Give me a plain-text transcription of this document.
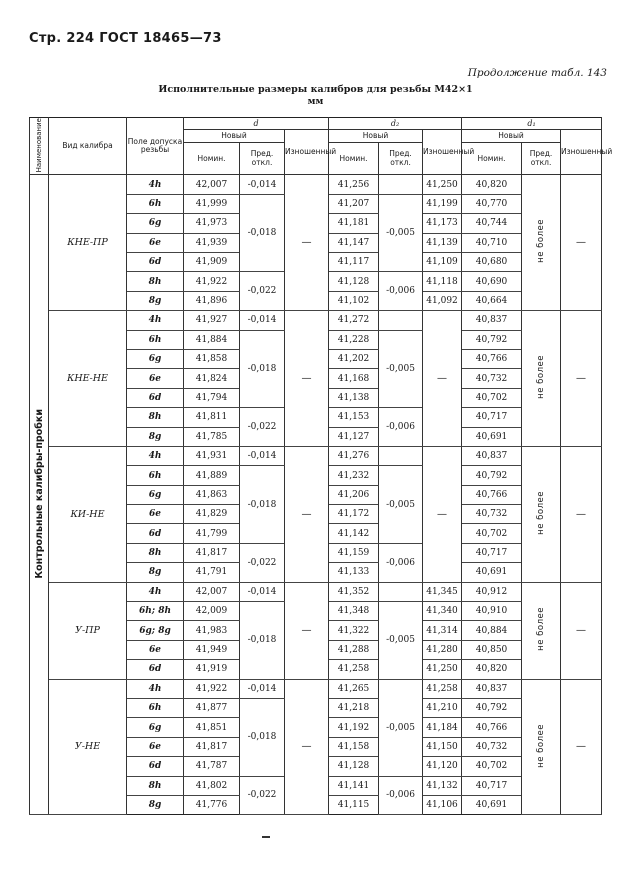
Стр. 224 ГОСТ 18465—73
Продолжение табл. 143
Исполнительные размеры калибров для резьбы М42×1
мм
Наименование	Вид калибра	Поле допуска резьбы	d			d₂			d₁		
			Новый		Изношенный	Новый		Изношенный	Новый		Изношенный
			Номин.	Пред. откл.		Номин.	Пред. откл.		Номин.	Пред. откл.	
Контрольные калибры-пробки	КНЕ-ПР	4h	42,007	-0,014	—	41,256		41,250	40,820	не более	—
		6h	41,999	-0,018		41,207	-0,005	41,199	40,770		
		6g	41,973			41,181		41,173	40,744		
		6e	41,939			41,147		41,139	40,710		
		6d	41,909			41,117		41,109	40,680		
		8h	41,922	-0,022		41,128	-0,006	41,118	40,690		
		8g	41,896			41,102		41,092	40,664		
	КНЕ-НЕ	4h	41,927	-0,014	—	41,272		—	40,837	не более	—
		6h	41,884	-0,018		41,228	-0,005		40,792		
		6g	41,858			41,202			40,766		
		6e	41,824			41,168			40,732		
		6d	41,794			41,138			40,702		
		8h	41,811	-0,022		41,153	-0,006		40,717		
		8g	41,785			41,127			40,691		
	КИ-НЕ	4h	41,931	-0,014	—	41,276		—	40,837	не более	—
		6h	41,889	-0,018		41,232	-0,005		40,792		
		6g	41,863			41,206			40,766		
		6e	41,829			41,172			40,732		
		6d	41,799			41,142			40,702		
		8h	41,817	-0,022		41,159	-0,006		40,717		
		8g	41,791			41,133			40,691		
	У-ПР	4h	42,007	-0,014	—	41,352		41,345	40,912	не более	—
		6h; 8h	42,009	-0,018		41,348	-0,005	41,340	40,910		
		6g; 8g	41,983			41,322		41,314	40,884		
		6e	41,949			41,288		41,280	40,850		
		6d	41,919			41,258		41,250	40,820		
	У-НЕ	4h	41,922	-0,014	—	41,265	-0,005	41,258	40,837	не более	—
		6h	41,877	-0,018		41,218		41,210	40,792		
		6g	41,851			41,192		41,184	40,766		
		6e	41,817			41,158		41,150	40,732		
		6d	41,787			41,128		41,120	40,702		
		8h	41,802	-0,022		41,141	-0,006	41,132	40,717		
		8g	41,776			41,115		41,106	40,691		
